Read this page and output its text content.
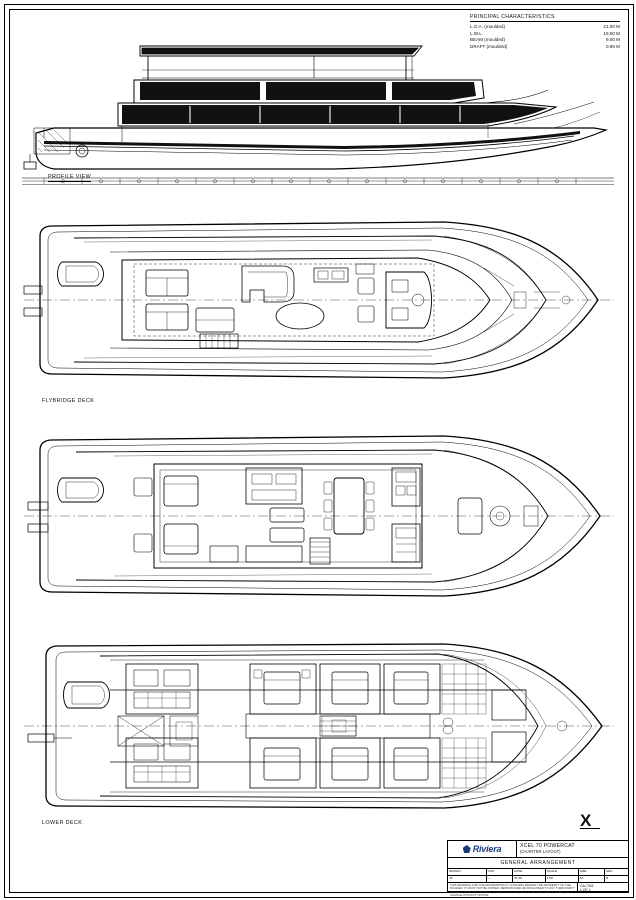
PRINCIPAL CHARACTERISTICS
L.O.A. (moulded)	21.00 M
L.W.L.	19.50 M
BEAM (moulded)	9.00 M
DRAFT (moulded)	0.90 M
PROFILE VIEW
FLYBRIDGE DECK
LOWER DECK	X
Riviera	XCEL 70 POWERCAT
(CHARTER LAYOUT)
GENERAL ARRANGEMENT
DRAWN	CHK	DATE	SCALE	SIZE	REV
JS	—	01.06	1:50	A3	B
THIS DRAWING AND THE INFORMATION IT CONTAINS REMAIN THE PROPERTY OF THE BUILDER. IT MUST NOT BE COPIED, REPRODUCED OR DISCLOSED TO ANY THIRD PARTY WITHOUT WRITTEN CONSENT. DIMENSIONS ARE INDICATIVE ONLY AND SUBJECT TO CHANGE WITHOUT NOTICE.
GA-7001
1 OF 1
